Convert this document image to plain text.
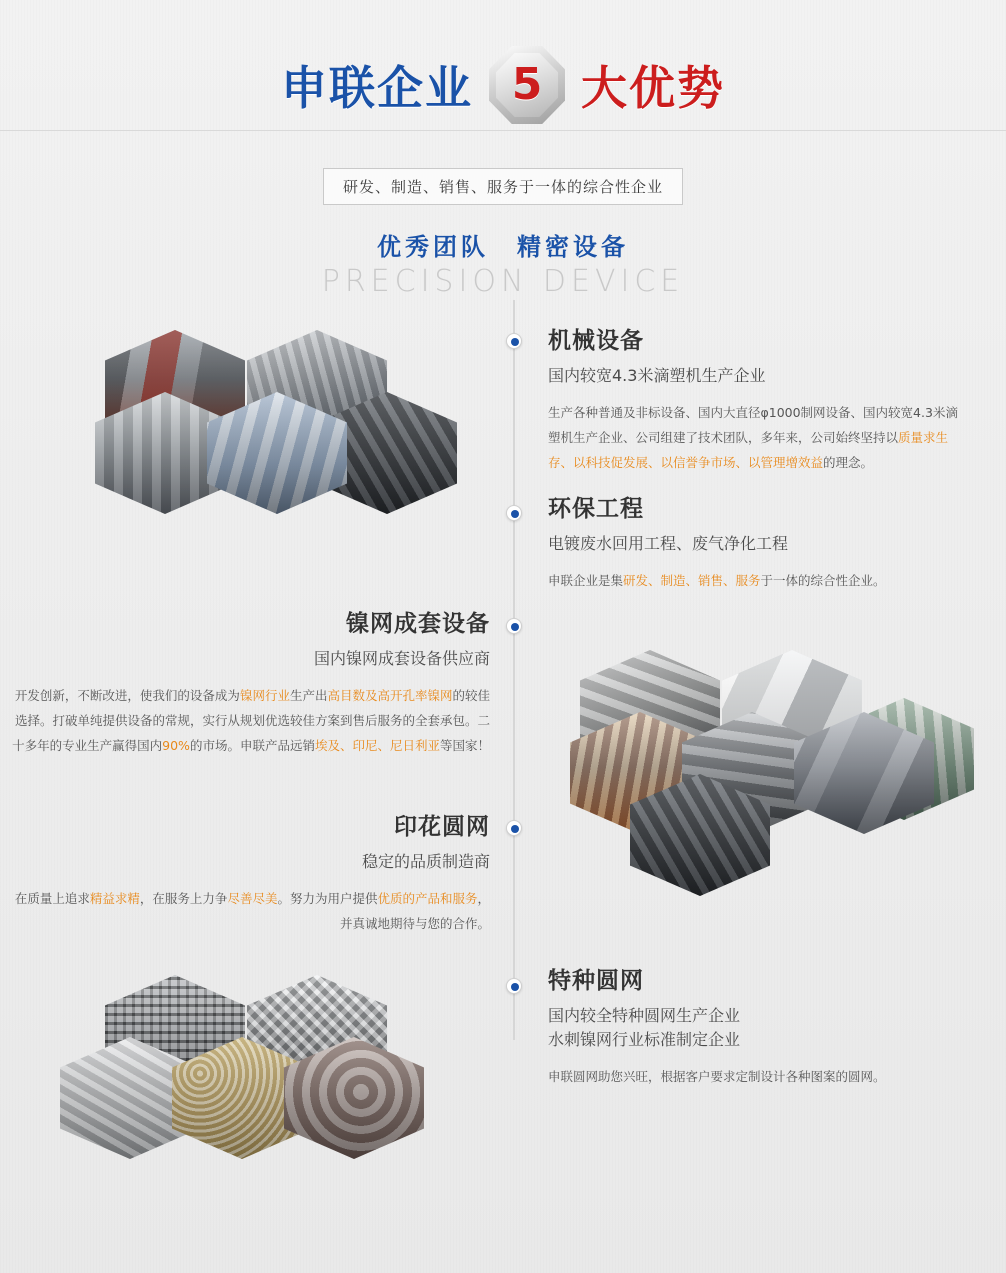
申联企业 5 大优势
研发、制造、销售、服务于一体的综合性企业
优秀团队　精密设备
PRECISION DEVICE
机械设备
国内较宽4.3米滴塑机生产企业
生产各种普通及非标设备、国内大直径φ1000制网设备、国内较宽4.3米滴塑机生产企业、公司组建了技术团队，多年来，公司始终坚持以质量求生存、以科技促发展、以信誉争市场、以管理增效益的理念。
环保工程
电镀废水回用工程、废气净化工程
申联企业是集研发、制造、销售、服务于一体的综合性企业。
镍网成套设备
国内镍网成套设备供应商
开发创新，不断改进，使我们的设备成为镍网行业生产出高目数及高开孔率镍网的较佳选择。打破单纯提供设备的常规，实行从规划优选较佳方案到售后服务的全套承包。二十多年的专业生产赢得国内90%的市场。申联产品远销埃及、印尼、尼日利亚等国家！
印花圆网
稳定的品质制造商
在质量上追求精益求精，在服务上力争尽善尽美。努力为用户提供优质的产品和服务，并真诚地期待与您的合作。
特种圆网
国内较全特种圆网生产企业
水刺镍网行业标准制定企业
申联圆网助您兴旺，根据客户要求定制设计各种图案的圆网。
